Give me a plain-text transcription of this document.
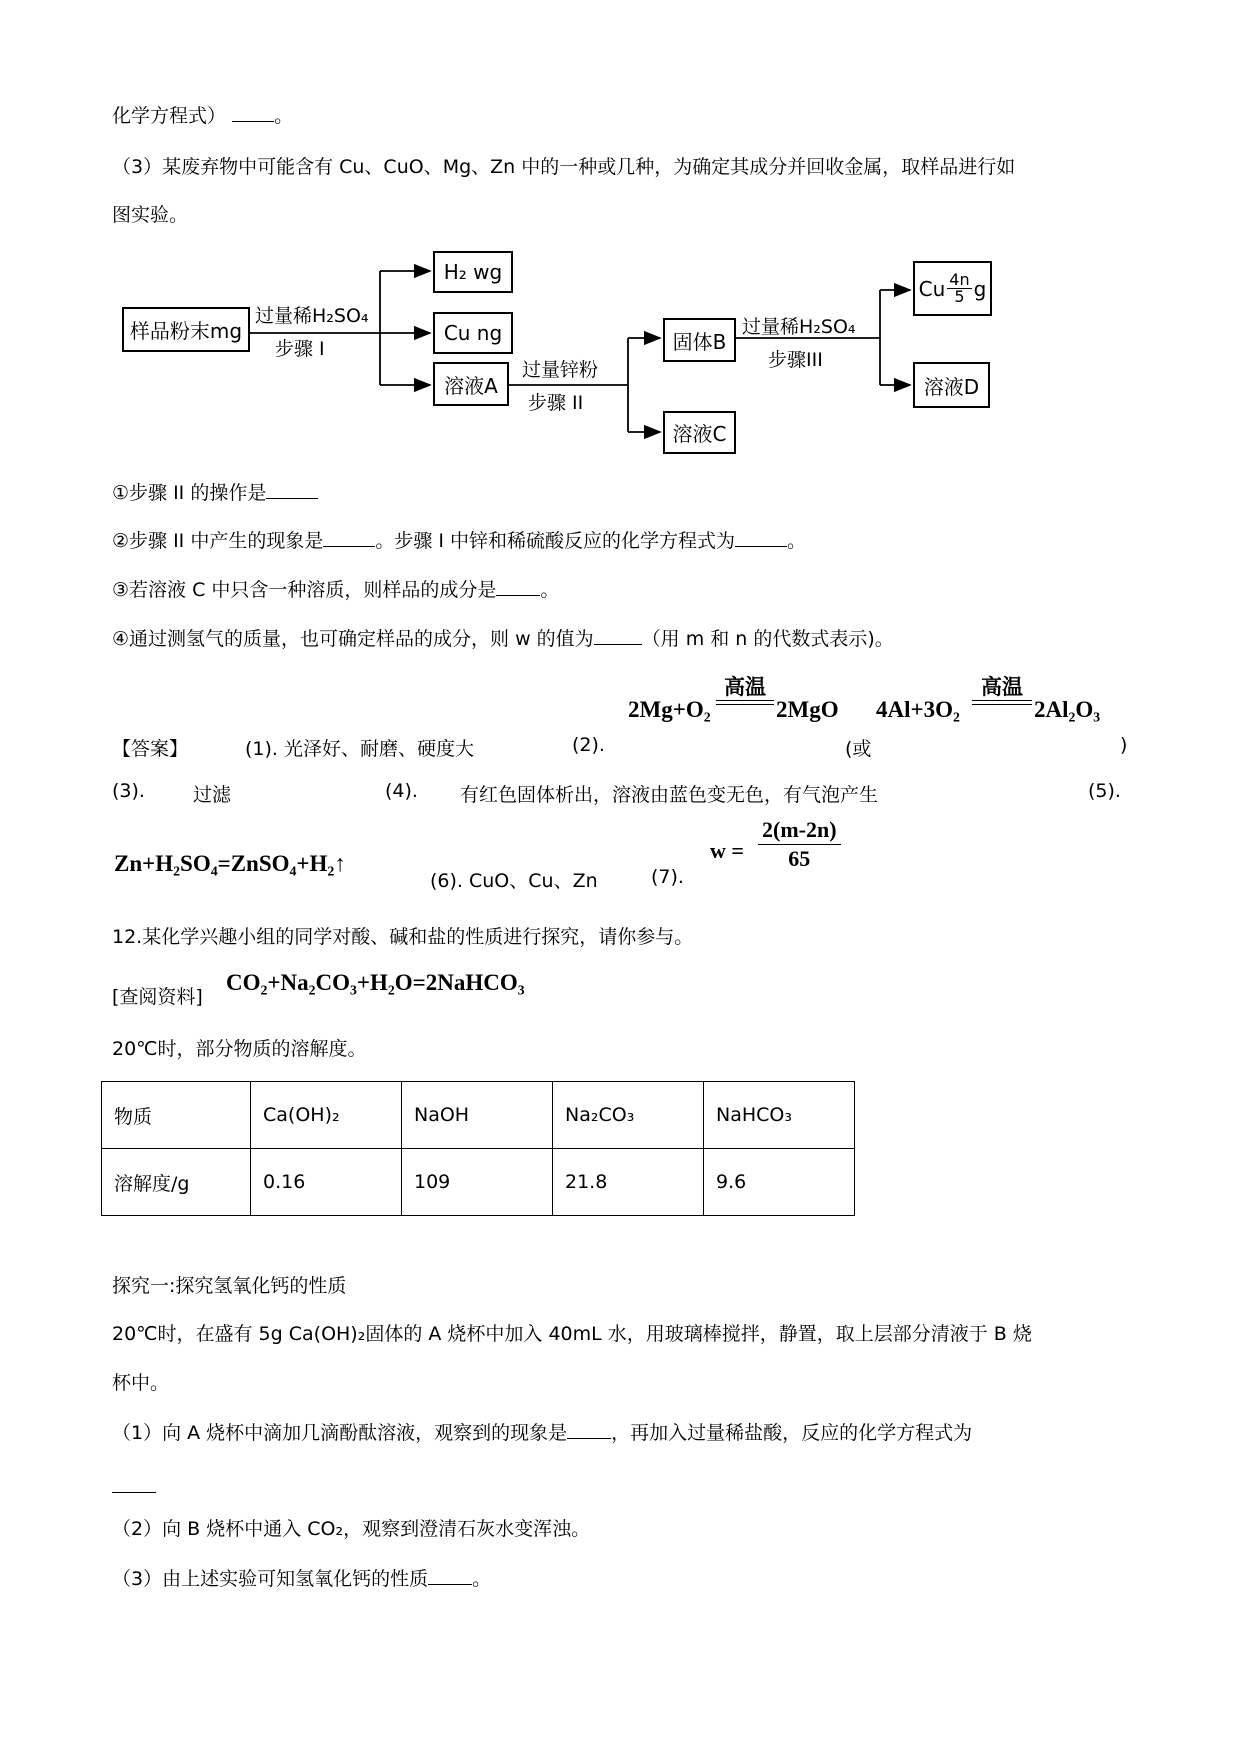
化学方程式）	。
（3）某废弃物中可能含有 Cu、CuO、Mg、Zn 中的一种或几种，为确定其成分并回收金属，取样品进行如
图实验。
样品粉末mg
过量稀H₂SO₄
步骤 I
H₂ wg
Cu ng
溶液A
过量锌粉
步骤 II
固体B
溶液C
过量稀H₂SO₄
步骤III
Cu $\frac{4n}{5}$ g
溶液D
①步骤 II 的操作是
②步骤 II 中产生的现象是	。步骤 I 中锌和稀硫酸反应的化学方程式为	。
③若溶液 C 中只含一种溶质，则样品的成分是 。
④通过测氢气的质量，也可确定样品的成分，则 w 的值为	（用 m 和 n 的代数式表示)。
【答案】	(1). 光泽好、耐磨、硬度大	(2).
2Mg+O₂
高温
2MgO
(或
4Al+3O₂
高温
2Al₂O₃
)
(3).	过滤	(4). 有红色固体析出，溶液由蓝色变无色，有气泡产生	(5).
Zn+H₂SO₄=ZnSO₄+H₂↑
(6). CuO、Cu、Zn	(7).
$w = \frac{2(m-2n)}{65}$
12.某化学兴趣小组的同学对酸、碱和盐的性质进行探究，请你参与。
[查阅资料]
CO₂+Na₂CO₃+H₂O=2NaHCO₃
20℃时，部分物质的溶解度。
物质	Ca(OH)₂	NaOH	Na₂CO₃	NaHCO₃
溶解度/g	0.16	109	21.8	9.6
探究一:探究氢氧化钙的性质
20℃时，在盛有 5g Ca(OH)₂固体的 A 烧杯中加入 40mL 水，用玻璃棒搅拌，静置，取上层部分清液于 B 烧
杯中。
（1）向 A 烧杯中滴加几滴酚酞溶液，观察到的现象是 ，再加入过量稀盐酸，反应的化学方程式为
（2）向 B 烧杯中通入 CO₂，观察到澄清石灰水变浑浊。
（3）由上述实验可知氢氧化钙的性质 。
